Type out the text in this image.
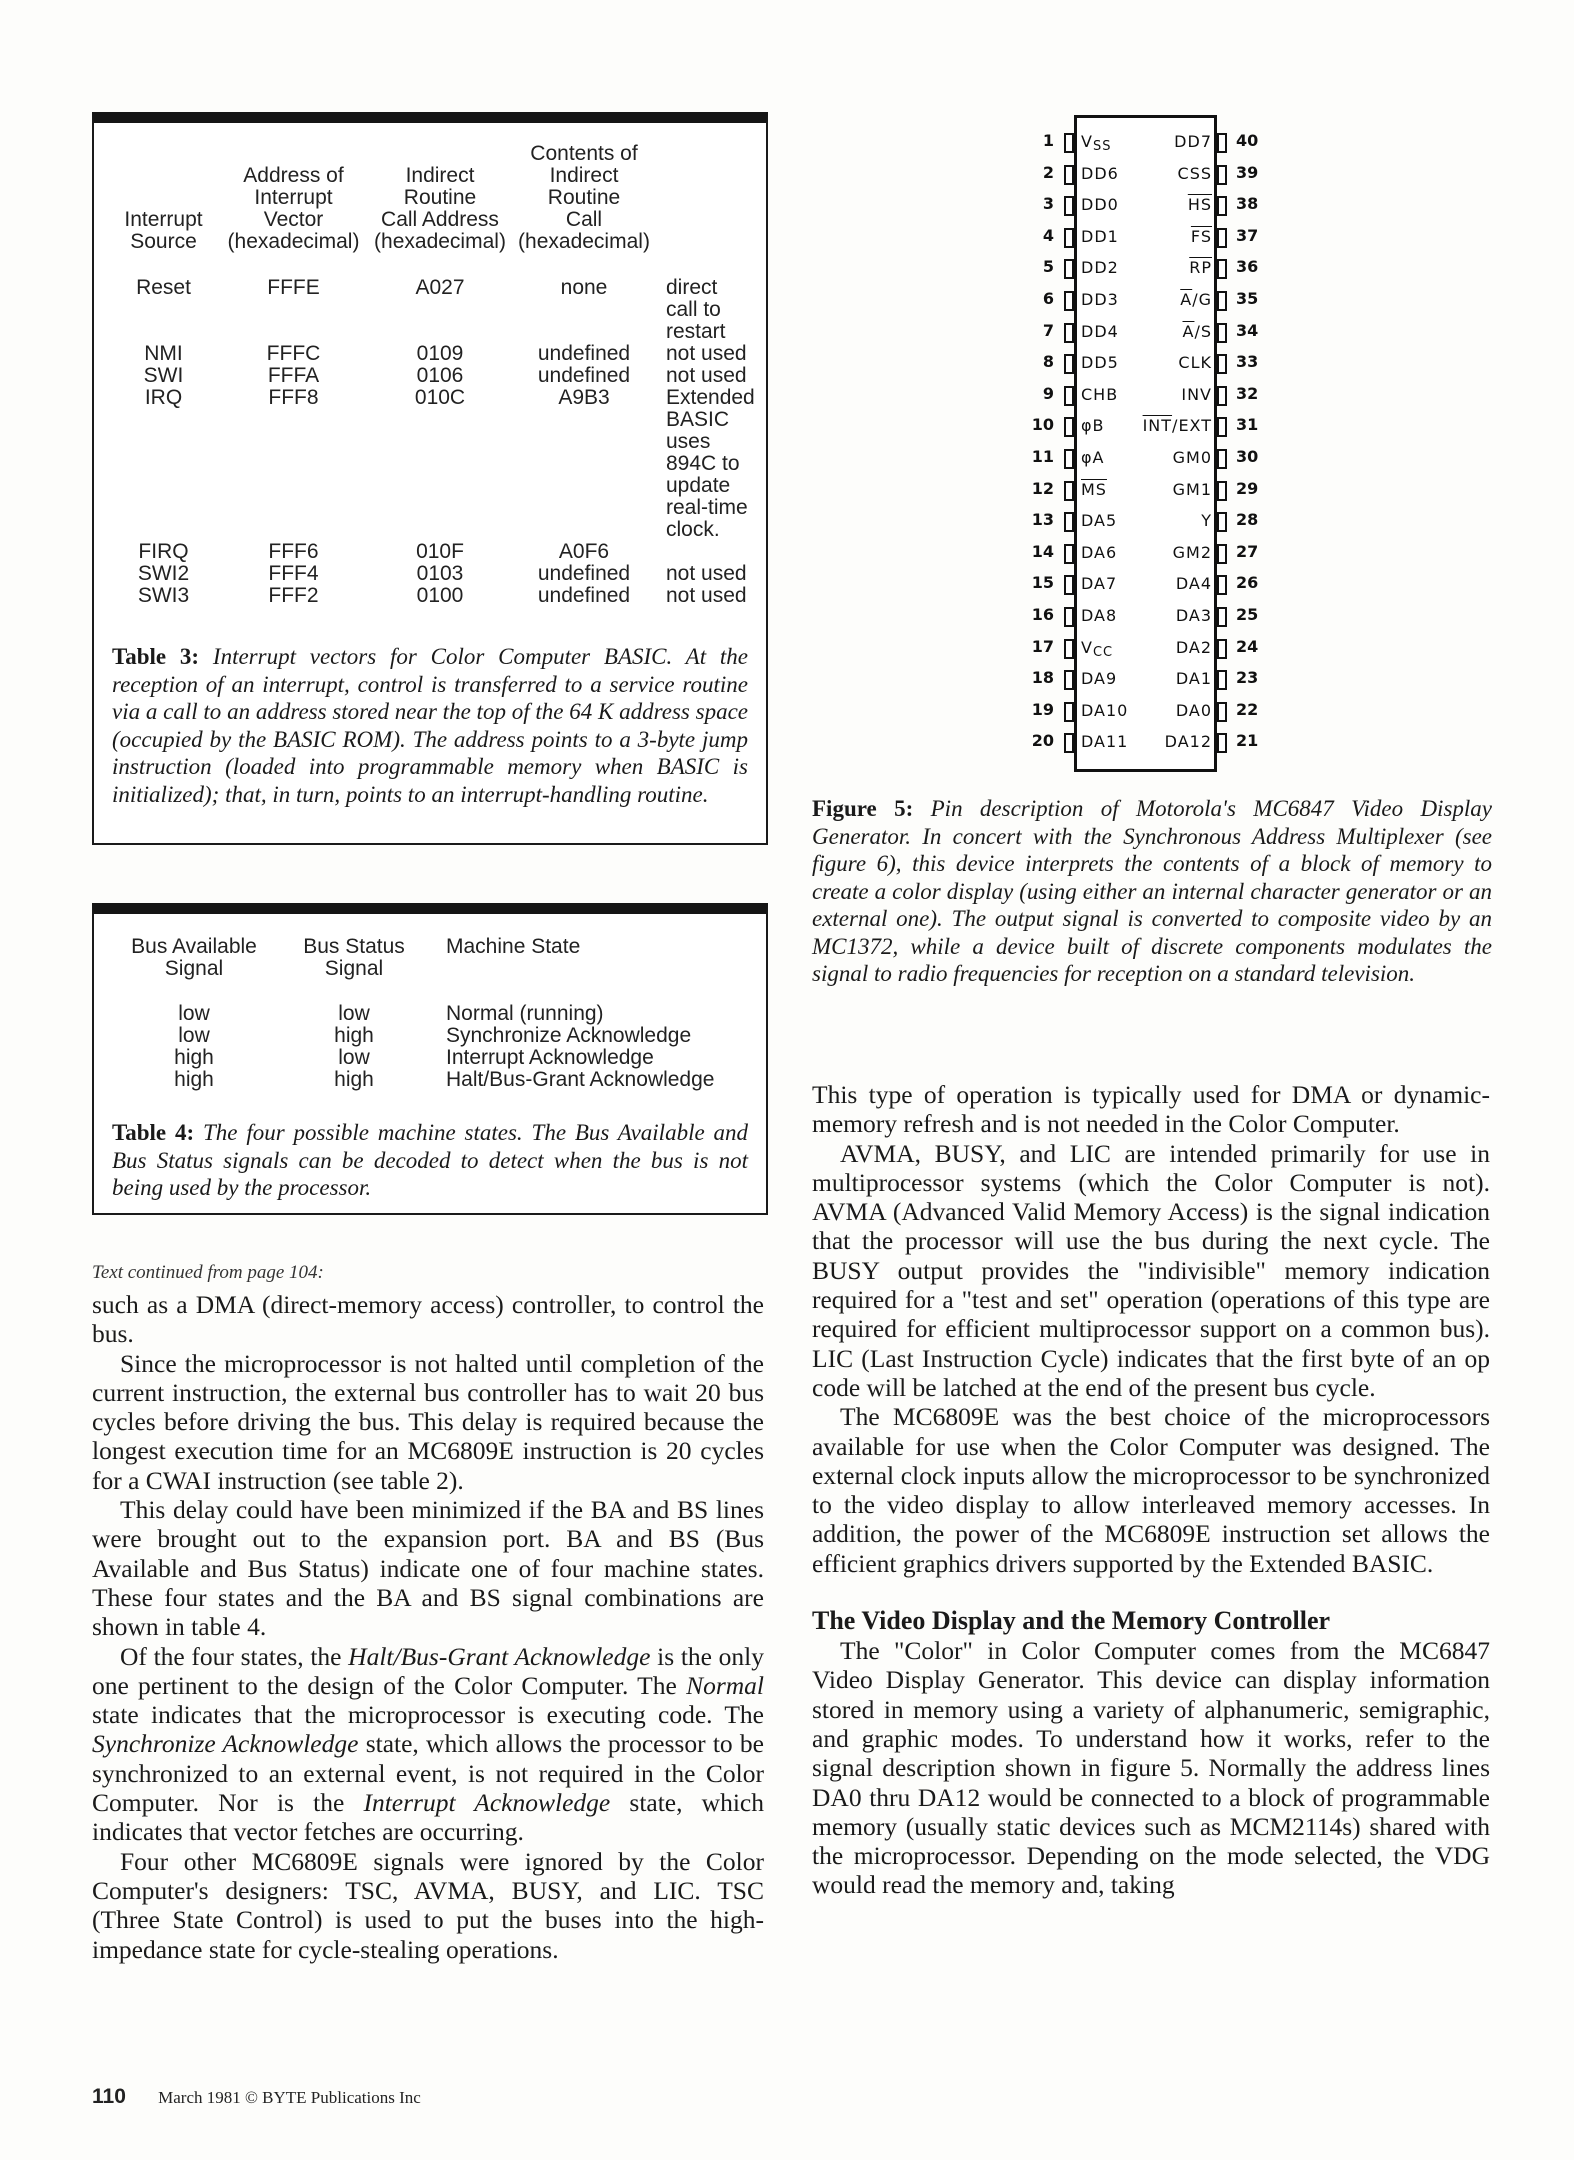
Interrupt
Source	Address of
Interrupt
Vector
(hexadecimal)	Indirect
Routine
Call Address
(hexadecimal)	Contents of
Indirect
Routine
Call
(hexadecimal)	
Reset	FFFE	A027	none	direct
call to
restart
NMI	FFFC	0109	undefined	not used
SWI	FFFA	0106	undefined	not used
IRQ	FFF8	010C	A9B3	Extended
BASIC
uses
894C to
update
real-time
clock.
FIRQ	FFF6	010F	A0F6	
SWI2	FFF4	0103	undefined	not used
SWI3	FFF2	0100	undefined	not used
Table 3: Interrupt vectors for Color Computer BASIC. At the reception of an interrupt, control is transferred to a service routine via a call to an address stored near the top of the 64 K address space (occupied by the BASIC ROM). The address points to a 3-byte jump instruction (loaded into programmable memory when BASIC is initialized); that, in turn, points to an interrupt-handling routine.
Bus Available
Signal	Bus Status
Signal	Machine State
low	low	Normal (running)
low	high	Synchronize Acknowledge
high	low	Interrupt Acknowledge
high	high	Halt/Bus-Grant Acknowledge
Table 4: The four possible machine states. The Bus Available and Bus Status signals can be decoded to detect when the bus is not being used by the processor.
1 $V_{SS}$
2 DD6
3 DD0
4 DD1
5 DD2
6 DD3
7 DD4
8 DD5
9 CHB
10 φB
11 φA
12 $\overline{MS}$
13 DA5
14 DA6
15 DA7
16 DA8
17 $V_{CC}$
18 DA9
19 DA10
20 DA11
DD7 40
CSS 39
$\overline{HS}$ 38
$\overline{FS}$ 37
$\overline{RP}$ 36
$\overline{A}/G$ 35
$\overline{A}/S$ 34
CLK 33
INV 32
$\overline{INT}$/EXT 31
GM0 30
GM1 29
Y 28
GM2 27
DA4 26
DA3 25
DA2 24
DA1 23
DA0 22
DA12 21
Figure 5: Pin description of Motorola's MC6847 Video Display Generator. In concert with the Synchronous Address Multiplexer (see figure 6), this device interprets the contents of a block of memory to create a color display (using either an internal character generator or an external one). The output signal is converted to composite video by an MC1372, while a device built of discrete components modulates the signal to radio frequencies for reception on a standard television.
Text continued from page 104:

such as a DMA (direct-memory access) controller, to control the bus.

Since the microprocessor is not halted until completion of the current instruction, the external bus controller has to wait 20 bus cycles before driving the bus. This delay is required because the longest execution time for an MC6809E instruction is 20 cycles for a CWAI instruction (see table 2).

This delay could have been minimized if the BA and BS lines were brought out to the expansion port. BA and BS (Bus Available and Bus Status) indicate one of four machine states. These four states and the BA and BS signal combinations are shown in table 4.

Of the four states, the Halt/Bus-Grant Acknowledge is the only one pertinent to the design of the Color Computer. The Normal state indicates that the microprocessor is executing code. The Synchronize Acknowledge state, which allows the processor to be synchronized to an external event, is not required in the Color Computer. Nor is the Interrupt Acknowledge state, which indicates that vector fetches are occurring.

Four other MC6809E signals were ignored by the Color Computer's designers: TSC, AVMA, BUSY, and LIC. TSC (Three State Control) is used to put the buses into the high-impedance state for cycle-stealing operations.

This type of operation is typically used for DMA or dynamic-memory refresh and is not needed in the Color Computer.

AVMA, BUSY, and LIC are intended primarily for use in multiprocessor systems (which the Color Computer is not). AVMA (Advanced Valid Memory Access) is the signal indication that the processor will use the bus during the next cycle. The BUSY output provides the "indivisible" memory indication required for a "test and set" operation (operations of this type are required for efficient multiprocessor support on a common bus). LIC (Last Instruction Cycle) indicates that the first byte of an op code will be latched at the end of the present bus cycle.

The MC6809E was the best choice of the microprocessors available for use when the Color Computer was designed. The external clock inputs allow the microprocessor to be synchronized to the video display to allow interleaved memory accesses. In addition, the power of the MC6809E instruction set allows the efficient graphics drivers supported by the Extended BASIC.

The Video Display and the Memory Controller

The "Color" in Color Computer comes from the MC6847 Video Display Generator. This device can display information stored in memory using a variety of alphanumeric, semigraphic, and graphic modes. To understand how it works, refer to the signal description shown in figure 5. Normally the address lines DA0 thru DA12 would be connected to a block of programmable memory (usually static devices such as MCM2114s) shared with the microprocessor. Depending on the mode selected, the VDG would read the memory and, taking

110 March 1981 © BYTE Publications Inc
